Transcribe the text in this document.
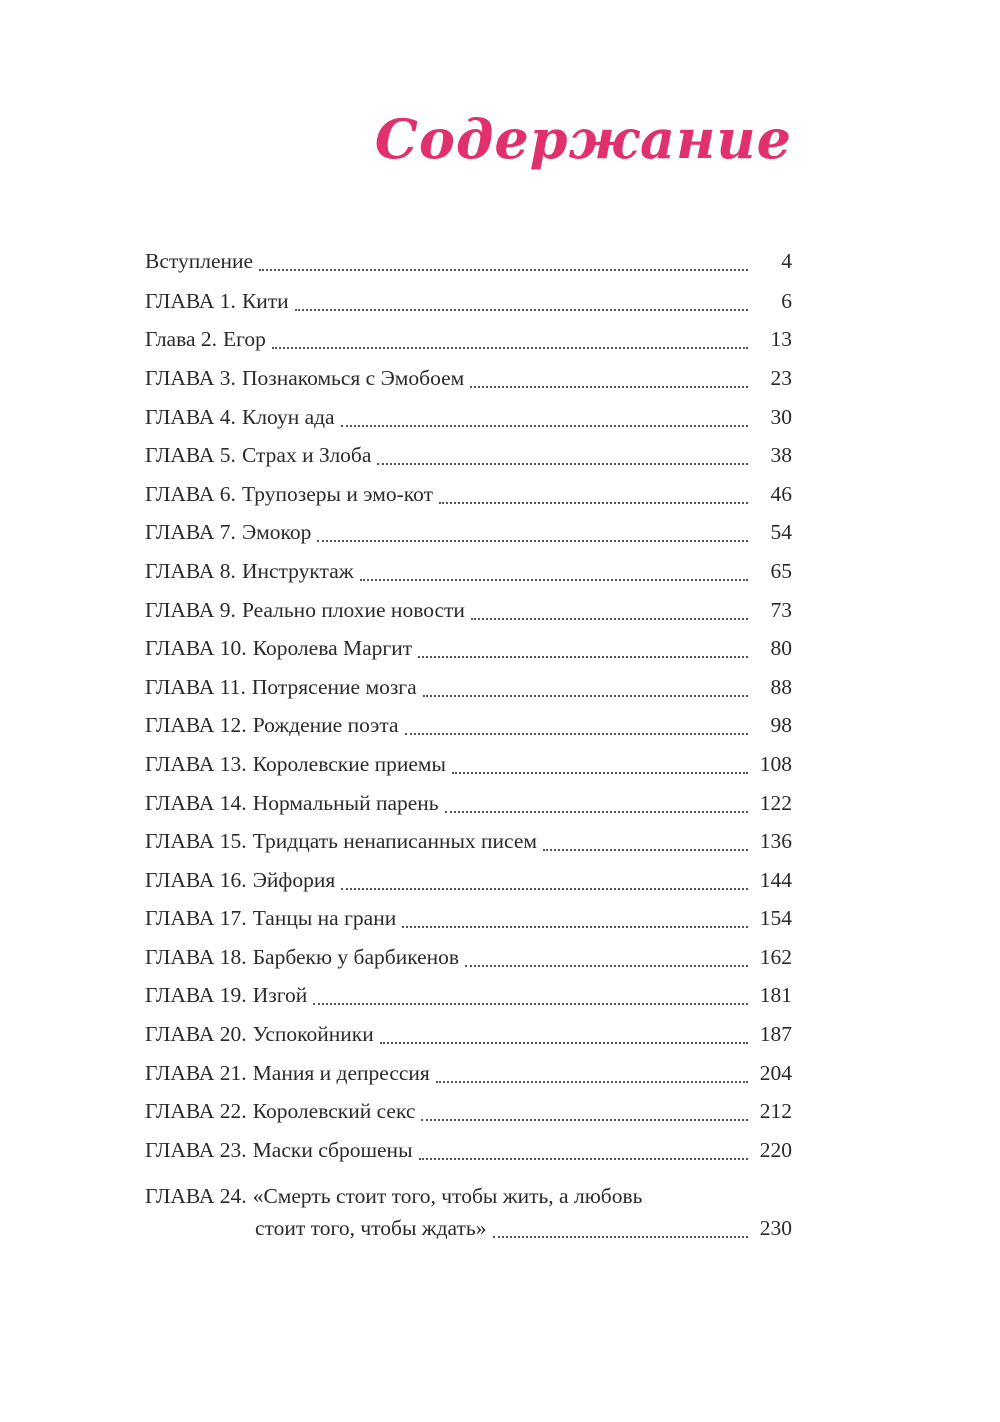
Содержание
Вступление	4
ГЛАВА 1. Кити	6
Глава 2. Егор	13
ГЛАВА 3. Познакомься с Эмобоем	23
ГЛАВА 4. Клоун ада	30
ГЛАВА 5. Страх и Злоба	38
ГЛАВА 6. Трупозеры и эмо-кот	46
ГЛАВА 7. Эмокор	54
ГЛАВА 8. Инструктаж	65
ГЛАВА 9. Реально плохие новости	73
ГЛАВА 10. Королева Маргит	80
ГЛАВА 11. Потрясение мозга	88
ГЛАВА 12. Рождение поэта	98
ГЛАВА 13. Королевские приемы	108
ГЛАВА 14. Нормальный парень	122
ГЛАВА 15. Тридцать ненаписанных писем	136
ГЛАВА 16. Эйфория	144
ГЛАВА 17. Танцы на грани	154
ГЛАВА 18. Барбекю у барбикенов	162
ГЛАВА 19. Изгой	181
ГЛАВА 20. Успокойники	187
ГЛАВА 21. Мания и депрессия	204
ГЛАВА 22. Королевский секс	212
ГЛАВА 23. Маски сброшены	220
ГЛАВА 24. «Смерть стоит того, чтобы жить, а любовь
стоит того, чтобы ждать»	230
